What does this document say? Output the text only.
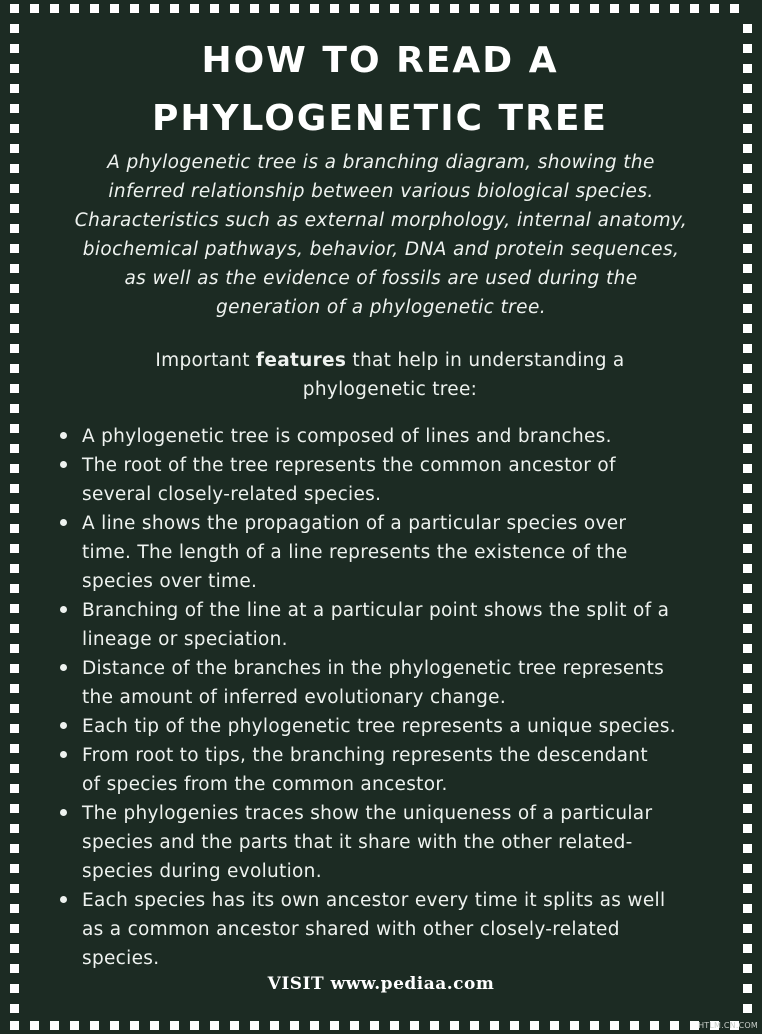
HOW TO READ A
PHYLOGENETIC TREE
A phylogenetic tree is a branching diagram, showing the
inferred relationship between various biological species.
Characteristics such as external morphology, internal anatomy,
biochemical pathways, behavior, DNA and protein sequences,
as well as the evidence of fossils are used during the
generation of a phylogenetic tree.
Important features that help in understanding a
phylogenetic tree:
A phylogenetic tree is composed of lines and branches.
The root of the tree represents the common ancestor of
several closely-related species.
A line shows the propagation of a particular species over
time. The length of a line represents the existence of the
species over time.
Branching of the line at a particular point shows the split of a
lineage or speciation.
Distance of the branches in the phylogenetic tree represents
the amount of inferred evolutionary change.
Each tip of the phylogenetic tree represents a unique species.
From root to tips, the branching represents the descendant
of species from the common ancestor.
The phylogenies traces show the uniqueness of a particular
species and the parts that it share with the other related-
species during evolution.
Each species has its own ancestor every time it splits as well
as a common ancestor shared with other closely-related
species.
VISIT www.pediaa.com
HTLM.CN.COM
